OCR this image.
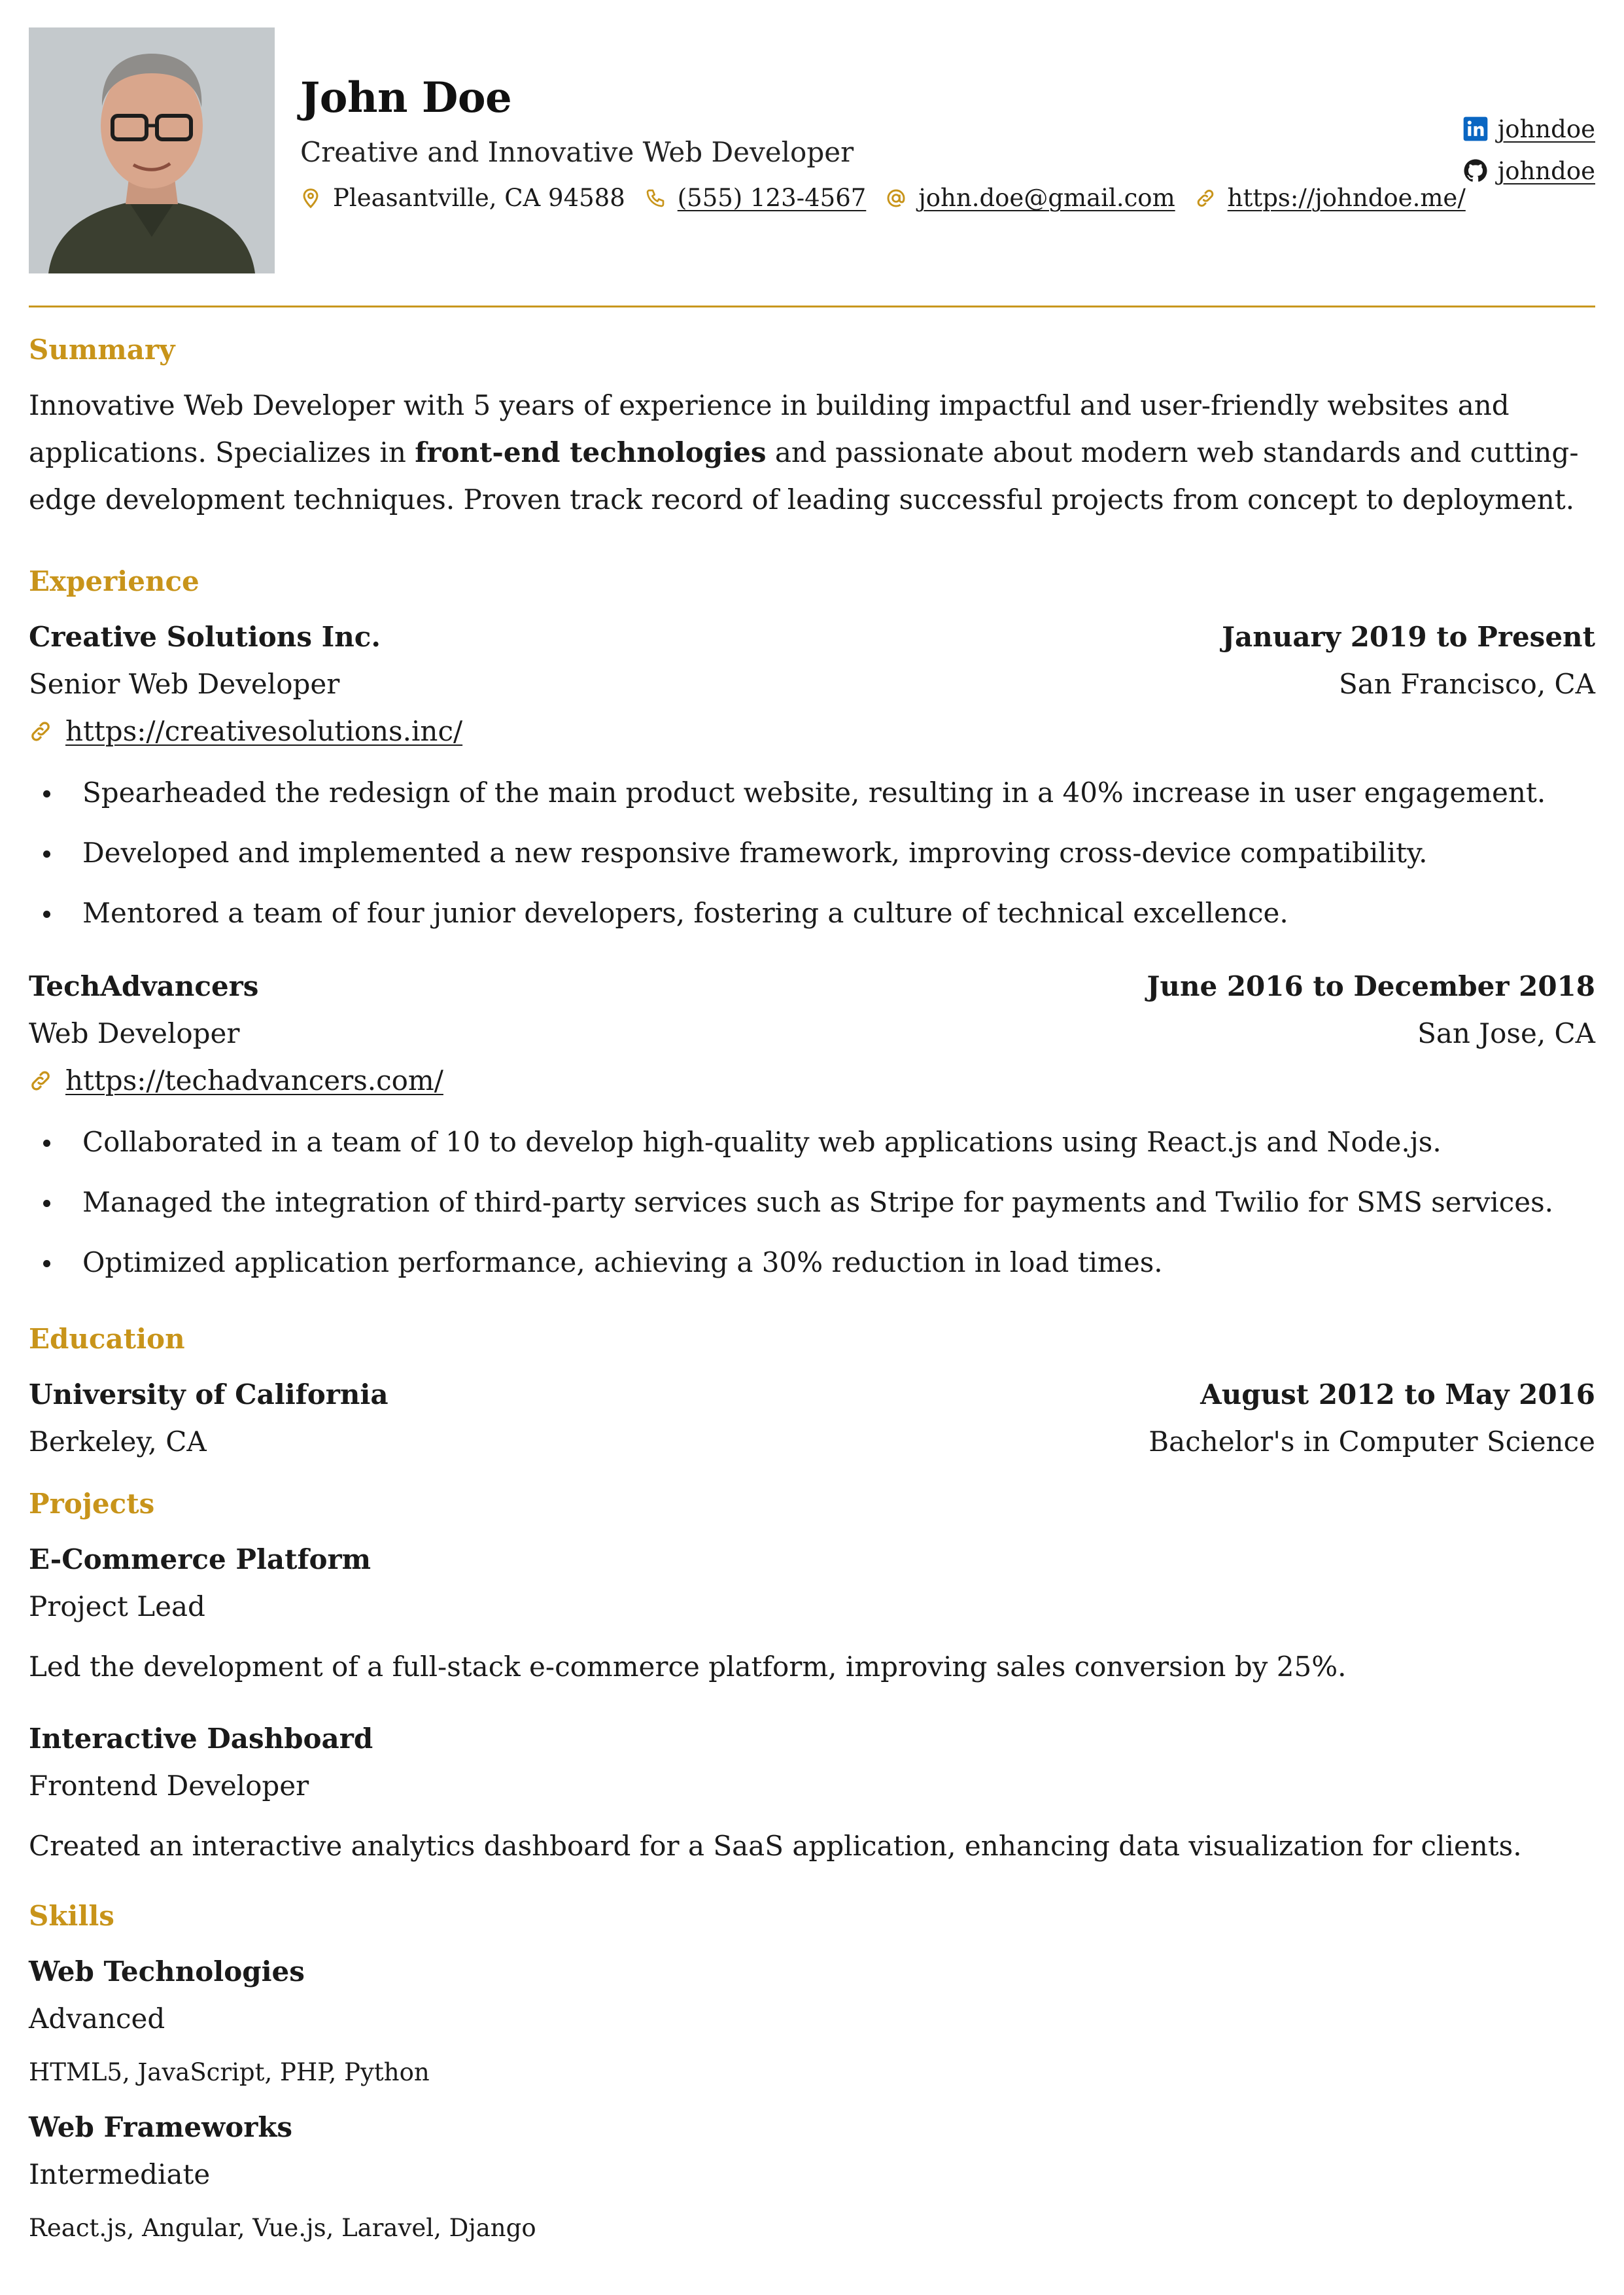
John Doe
Creative and Innovative Web Developer
Pleasantville, CA 94588 (555) 123-4567 john.doe@gmail.com https://johndoe.me/
johndoe
johndoe
Summary

Innovative Web Developer with 5 years of experience in building impactful and user-friendly websites and applications. Specializes in front-end technologies and passionate about modern web standards and cutting-edge development techniques. Proven track record of leading successful projects from concept to deployment.

Experience
Creative Solutions Inc.	January 2019 to Present
Senior Web Developer	San Francisco, CA
https://creativesolutions.inc/
Spearheaded the redesign of the main product website, resulting in a 40% increase in user engagement.
Developed and implemented a new responsive framework, improving cross-device compatibility.
Mentored a team of four junior developers, fostering a culture of technical excellence.
TechAdvancers	June 2016 to December 2018
Web Developer	San Jose, CA
https://techadvancers.com/
Collaborated in a team of 10 to develop high-quality web applications using React.js and Node.js.
Managed the integration of third-party services such as Stripe for payments and Twilio for SMS services.
Optimized application performance, achieving a 30% reduction in load times.
Education
University of California	August 2012 to May 2016
Berkeley, CA	Bachelor's in Computer Science
Projects
E-Commerce Platform
Project Lead
Led the development of a full-stack e-commerce platform, improving sales conversion by 25%.
Interactive Dashboard
Frontend Developer
Created an interactive analytics dashboard for a SaaS application, enhancing data visualization for clients.
Skills
Web Technologies
Advanced
HTML5, JavaScript, PHP, Python
Web Frameworks
Intermediate
React.js, Angular, Vue.js, Laravel, Django
